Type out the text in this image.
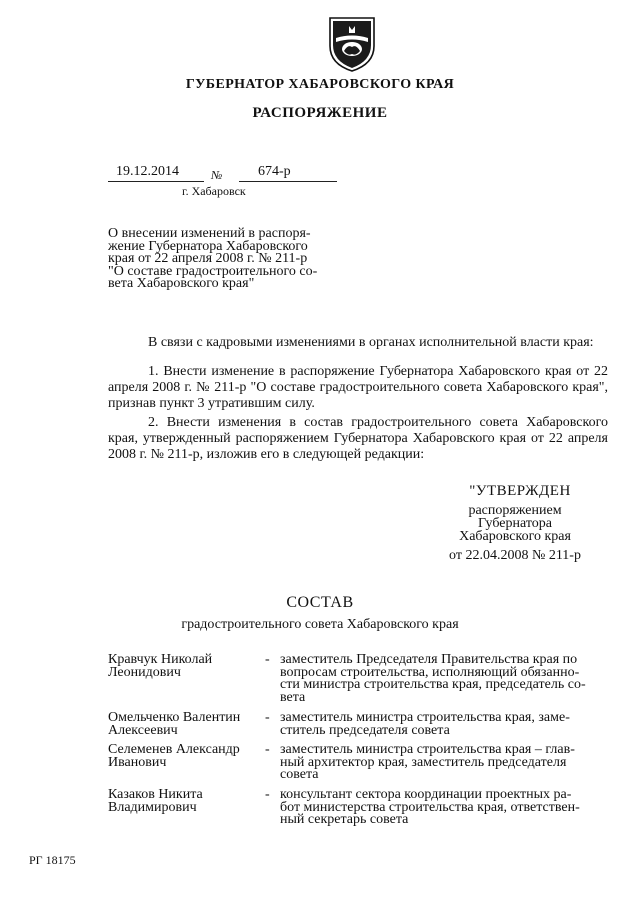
ГУБЕРНАТОР ХАБАРОВСКОГО КРАЯ
РАСПОРЯЖЕНИЕ
19.12.2014	№	674-р
г. Хабаровск
О внесении изменений в распоря-
жение Губернатора Хабаровского
края от 22 апреля 2008 г. № 211-р
"О составе градостроительного со-
вета Хабаровского края"
В связи с кадровыми изменениями в органах исполнительной власти края:
1. Внести изменение в распоряжение Губернатора Хабаровского края от 22 апреля 2008 г. № 211-р "О составе градостроительного совета Хабаровского края", признав пункт 3 утратившим силу.
2. Внести изменения в состав градостроительного совета Хабаровского края, утвержденный распоряжением Губернатора Хабаровского края от 22 апреля 2008 г. № 211-р, изложив его в следующей редакции:
"УТВЕРЖДЕН
распоряжением
Губернатора
Хабаровского края
от 22.04.2008 № 211-р
СОСТАВ
градостроительного совета Хабаровского края
Кравчук Николай
Леонидович
- заместитель Председателя Правительства края по
вопросам строительства, исполняющий обязанно-
сти министра строительства края, председатель со-
вета
Омельченко Валентин
Алексеевич
- заместитель министра строительства края, заме-
ститель председателя совета
Селеменев Александр
Иванович
- заместитель министра строительства края – глав-
ный архитектор края, заместитель председателя
совета
Казаков Никита
Владимирович
- консультант сектора координации проектных ра-
бот министерства строительства края, ответствен-
ный секретарь совета
РГ 18175
